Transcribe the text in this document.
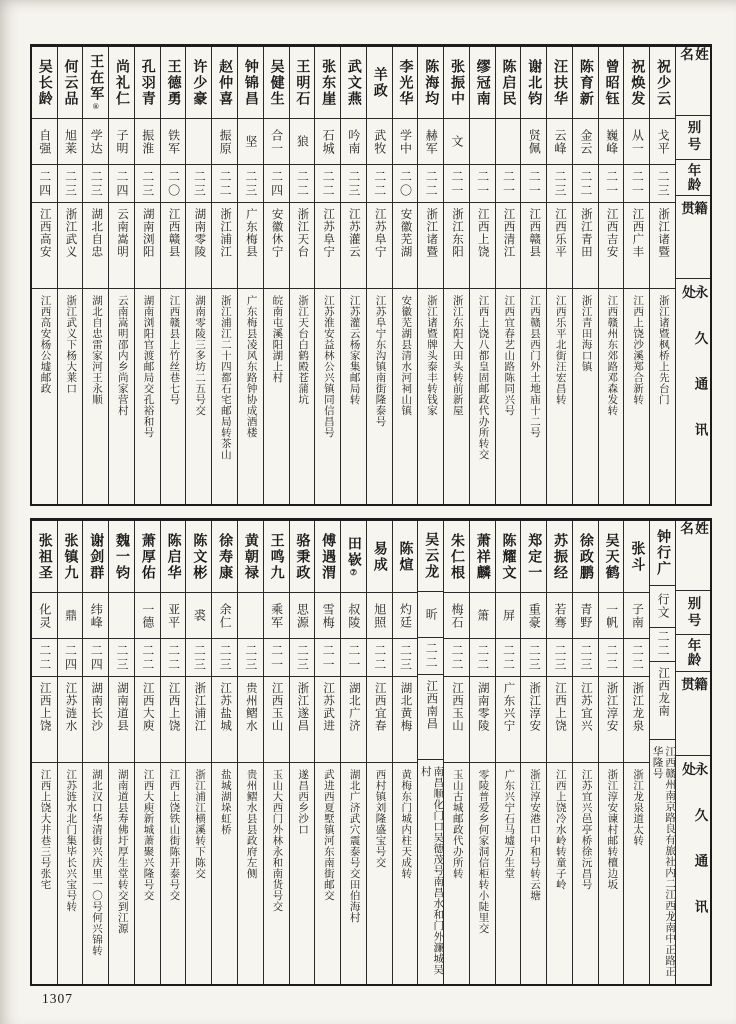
姓名
别号
年龄
籍贯
永久通讯处
祝少云
戈平
二三
浙江诸暨
浙江诸暨枫桥上先台门
祝焕发
从一
二一
江西广丰
江西上饶沙溪郑合新转
曾昭钰
巍峰
二一
江西吉安
江西赣州东郊路邓森发转
陈育新
金云
二二
浙江青田
浙江青田海口镇
汪扶华
云峰
二三
江西乐平
江西乐平北街汪宏昌转
谢北钧
贤佩
二一
江西赣县
江西赣县西门外土地庙十二号
陈启民
二一
江西清江
江西宜春艺山路陈同兴号
缪冠南
二一
江西上饶
江西上饶八都皇固邮政代办所转交
张振中
文
二一
浙江东阳
浙江东阳大田头转前新屋
陈海均
赫军
二二
浙江诸暨
浙江诸暨牌头泰丰转钱家
李光华
学中
二〇
安徽芜湖
安徽芜湖县清水河祠山镇
羊政
武牧
二二
江苏阜宁
江苏阜宁东沟镇南街隆泰号
武文燕
吟南
二三
江苏灌云
江苏灌云杨家集邮局转
张东崖
石城
二二
江苏阜宁
江苏淮安益林公兴镇同信昌号
王明石
狼
二二
浙江天台
浙江天台白鹤殿苍蒲坑
吴健生
合一
二四
安徽休宁
皖南屯溪阳湖上村
钟锦昌
坚
二三
广东梅县
广东梅县凌风东路钟协成酒楼
赵仲喜
振原
二二
浙江浦江
浙江浦江二十四都石宅邮局转茶山
许少豪
二三
湖南零陵
湖南零陵三多坊二五号交
王德勇
铁军
二〇
江西赣县
江西赣县上竹丝巷七号
孔羽青
振淮
二三
湖南浏阳
湖南浏阳官渡邮局交孔裕和号
尚礼仁
子明
二四
云南嵩明
云南嵩明邵内乡尚家营村
王在军®
学达
二三
湖北自忠
湖北自忠雷家河王永顺
何云品
旭莱
二三
浙江武义
浙江武义下杨大莱口
吴长龄
自强
二四
江西高安
江西高安杨公墟邮政
姓名
别号
年龄
籍贯
永久通讯处
钟行广
行文
二二
江西龙南
江西赣州南京路良有旅社内二江西龙南中正路正华隆号
张斗
子南
二二
浙江龙泉
浙江龙泉道太转
吴天鹤
一帆
二二
浙江淳安
浙江淳安谏村邮转檀边坂
徐政鹏
青野
二三
江苏宜兴
江苏宜兴邑亭桥徐沅昌号
苏振经
若骞
二三
江西上饶
江西上饶冷水岭转童子岭
郑定一
重豪
二三
浙江淳安
浙江淳安港口中和号转云塘
陈耀文
屏
二二
广东兴宁
广东兴宁石马墟万生堂
萧祥麟
箫
二二
湖南零陵
零陵普爱乡何家洞信柜转小陡里交
朱仁根
梅石
二二
江西玉山
玉山古城邮政代办所转
吴云龙
昕
二二
江西南昌
南昌顺化门口吴德茂号南昌水和门外濂城吴村
陈煊
灼廷
二三
湖北黄梅
黄梅东门城内柱天成转
易成
旭照
二二
江西宜春
西村镇刘隆盛宝号交
田嵚⑦
叔陵
二一
湖北广济
湖北广济武穴震泰号交田伯海村
傅遇渭
雪梅
二一
江苏武进
武进西夏墅镇河东南街邮交
骆秉政
思源
二三
浙江遂昌
遂昌西乡沙口
王鸣九
乘军
二一
江西玉山
玉山大西门外林永和南货号交
黄朝禄
二三
贵州鳛水
贵州鳛水县县政府左侧
徐寿康
余仁
二三
江苏盐城
盐城湖垛虹桥
陈文彬
裘
二三
浙江浦江
浙江浦江横溪转下陈交
陈启华
亚平
二二
江西上饶
江西上饶铁山街陈开泰号交
萧厚佑
一德
二二
江西大庾
江西大庾新城萧聚兴隆号交
魏一钧
二三
湖南道县
湖南道县寿佛圩厚生堂转交到江源
谢剑群
纬峰
二四
湖南长沙
湖北汉口华清街兴庆里一〇号何兴锦转
张镇九
鼎
二四
江苏涟水
江苏涟水北门集毕长兴宝号转
张祖圣
化灵
二二
江西上饶
江西上饶大井巷三号张宅
1307
